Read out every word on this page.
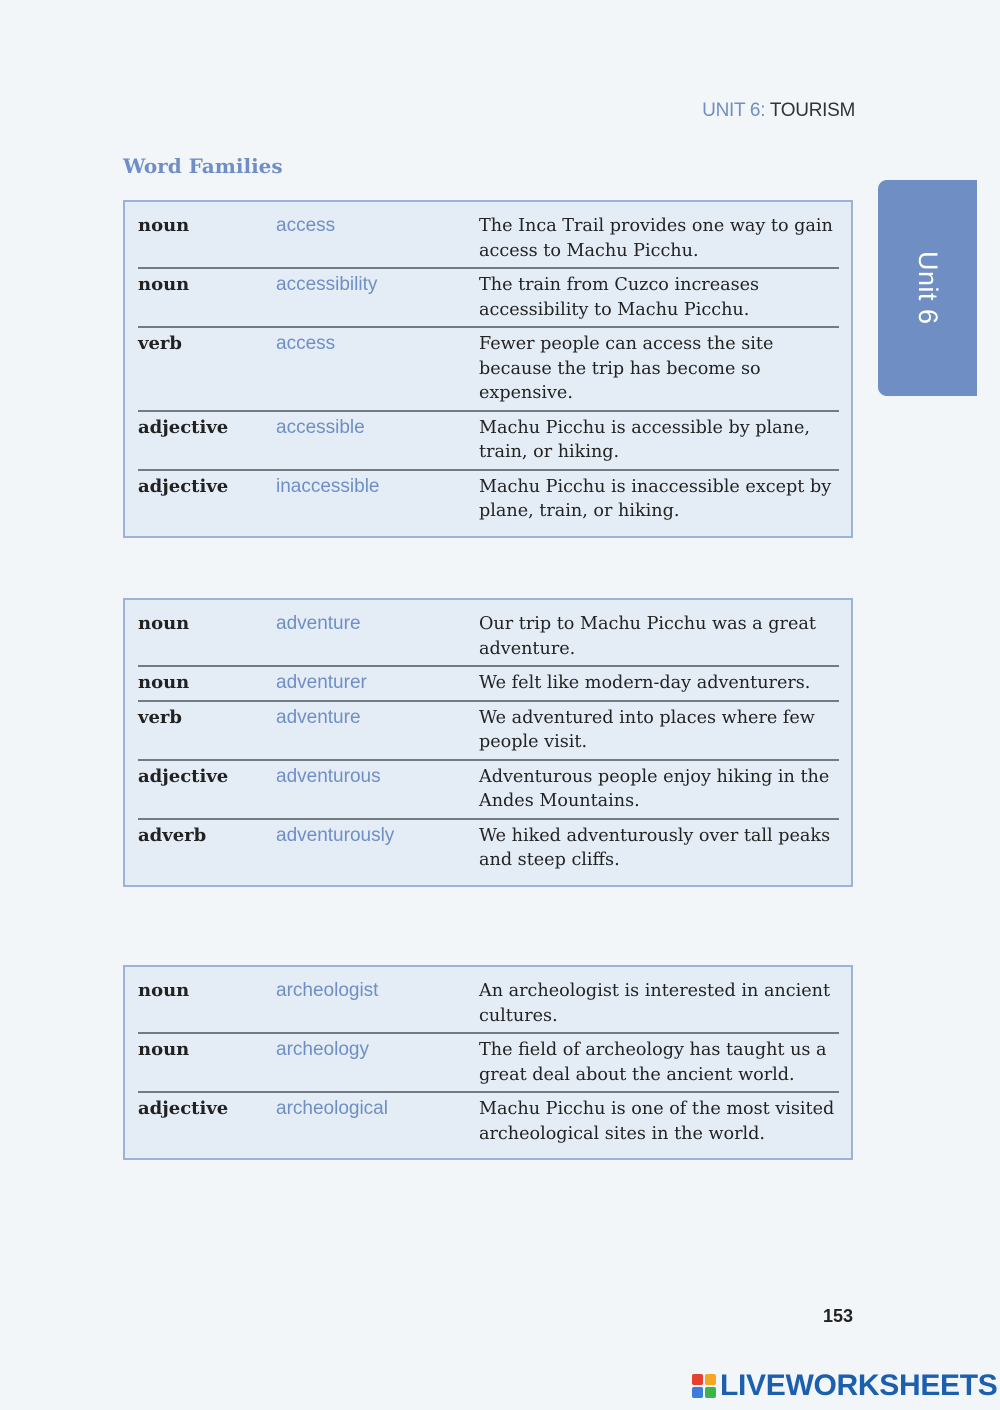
UNIT 6: TOURISM
Word Families
Unit 6
noun	access	The Inca Trail provides one way to gain access to Machu Picchu.
noun	accessibility	The train from Cuzco increases accessibility to Machu Picchu.
verb	access	Fewer people can access the site because the trip has become so expensive.
adjective	accessible	Machu Picchu is accessible by plane, train, or hiking.
adjective	inaccessible	Machu Picchu is inaccessible except by plane, train, or hiking.
noun	adventure	Our trip to Machu Picchu was a great adventure.
noun	adventurer	We felt like modern-day adventurers.
verb	adventure	We adventured into places where few people visit.
adjective	adventurous	Adventurous people enjoy hiking in the Andes Mountains.
adverb	adventurously	We hiked adventurously over tall peaks and steep cliffs.
noun	archeologist	An archeologist is interested in ancient cultures.
noun	archeology	The field of archeology has taught us a great deal about the ancient world.
adjective	archeological	Machu Picchu is one of the most visited archeological sites in the world.
153
LIVEWORKSHEETS
